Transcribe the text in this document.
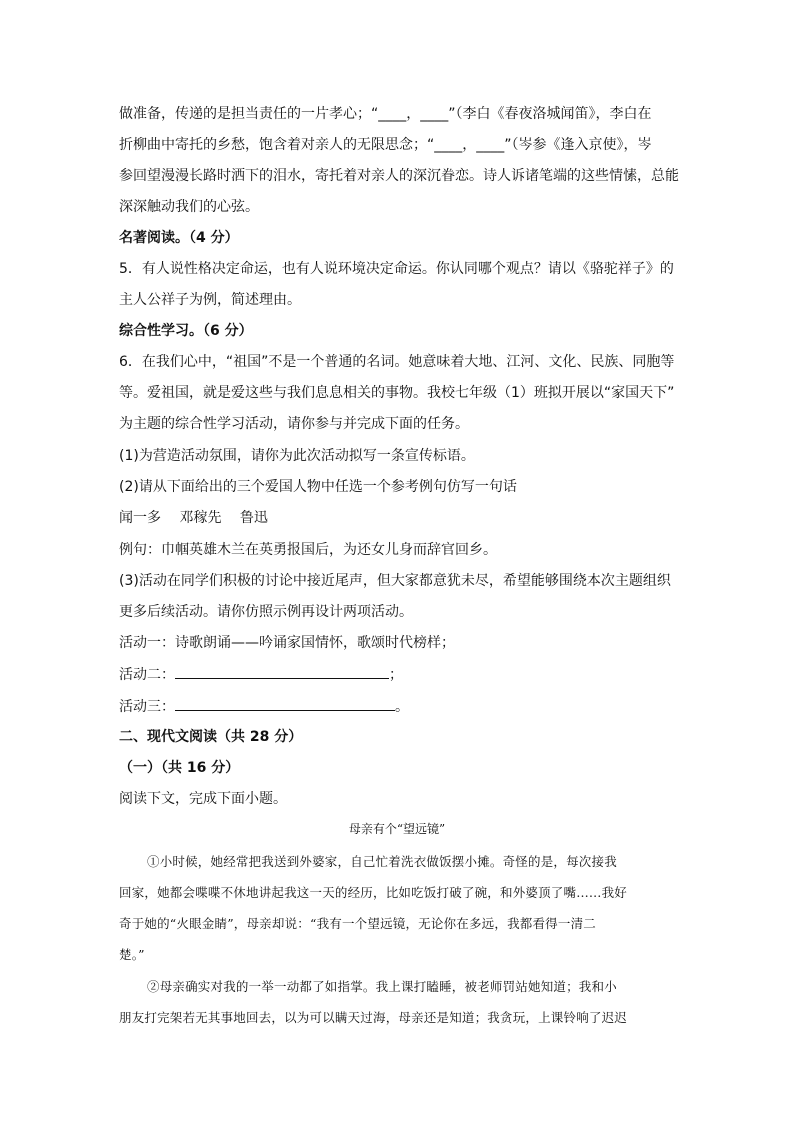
做准备，传递的是担当责任的一片孝心；“____，____”（李白《春夜洛城闻笛》，李白在
折柳曲中寄托的乡愁，饱含着对亲人的无限思念；“____，____”（岑参《逢入京使》，岑
参回望漫漫长路时洒下的泪水，寄托着对亲人的深沉眷恋。诗人诉诸笔端的这些情愫，总能
深深触动我们的心弦。
名著阅读。（4 分）
5．有人说性格决定命运，也有人说环境决定命运。你认同哪个观点？请以《骆驼祥子》的
主人公祥子为例，简述理由。
综合性学习。（6 分）
6．在我们心中，“祖国”不是一个普通的名词。她意味着大地、江河、文化、民族、同胞等
等。爱祖国，就是爱这些与我们息息相关的事物。我校七年级（1）班拟开展以“家国天下”
为主题的综合性学习活动，请你参与并完成下面的任务。
(1)为营造活动氛围，请你为此次活动拟写一条宣传标语。
(2)请从下面给出的三个爱国人物中任选一个参考例句仿写一句话
闻一多 邓稼先 鲁迅
例句：巾帼英雄木兰在英勇报国后，为还女儿身而辞官回乡。
(3)活动在同学们积极的讨论中接近尾声，但大家都意犹未尽，希望能够围绕本次主题组织
更多后续活动。请你仿照示例再设计两项活动。
活动一：诗歌朗诵——吟诵家国情怀，歌颂时代榜样；
活动二：	；
活动三：	。
二、现代文阅读（共 28 分）
（一）（共 16 分）
阅读下文，完成下面小题。
母亲有个“望远镜”
①小时候，她经常把我送到外婆家，自己忙着洗衣做饭摆小摊。奇怪的是，每次接我
回家，她都会喋喋不休地讲起我这一天的经历，比如吃饭打破了碗，和外婆顶了嘴……我好
奇于她的“火眼金睛”，母亲却说：“我有一个望远镜，无论你在多远，我都看得一清二
楚。”
②母亲确实对我的一举一动都了如指掌。我上课打瞌睡，被老师罚站她知道；我和小
朋友打完架若无其事地回去，以为可以瞒天过海，母亲还是知道；我贪玩，上课铃响了迟迟
